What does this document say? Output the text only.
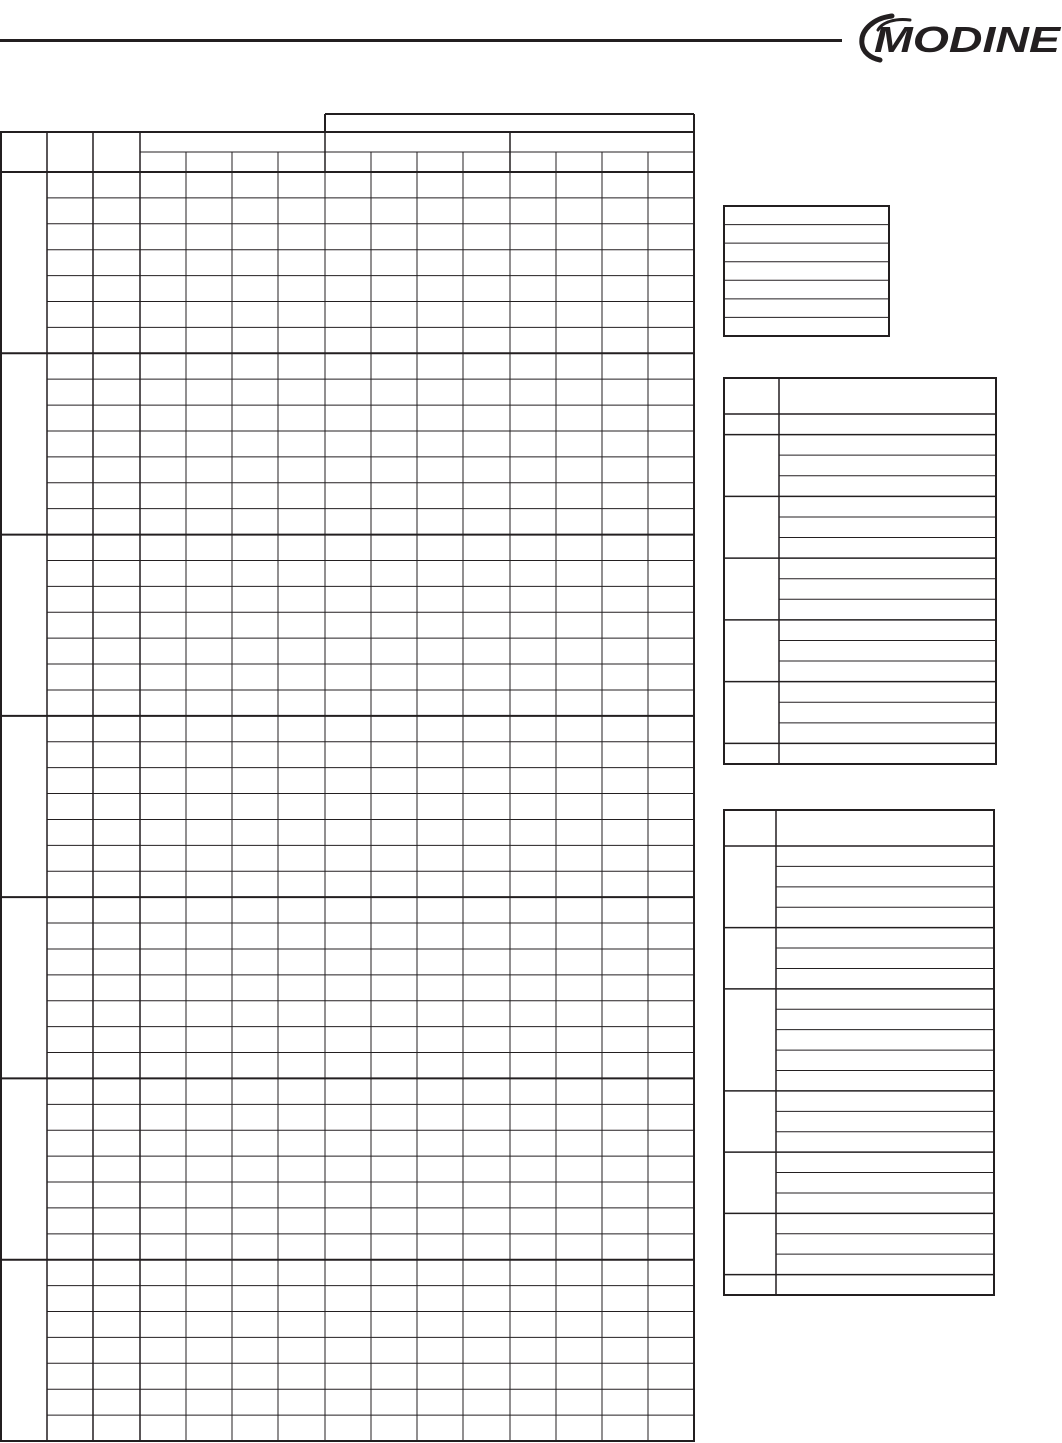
MODINE
